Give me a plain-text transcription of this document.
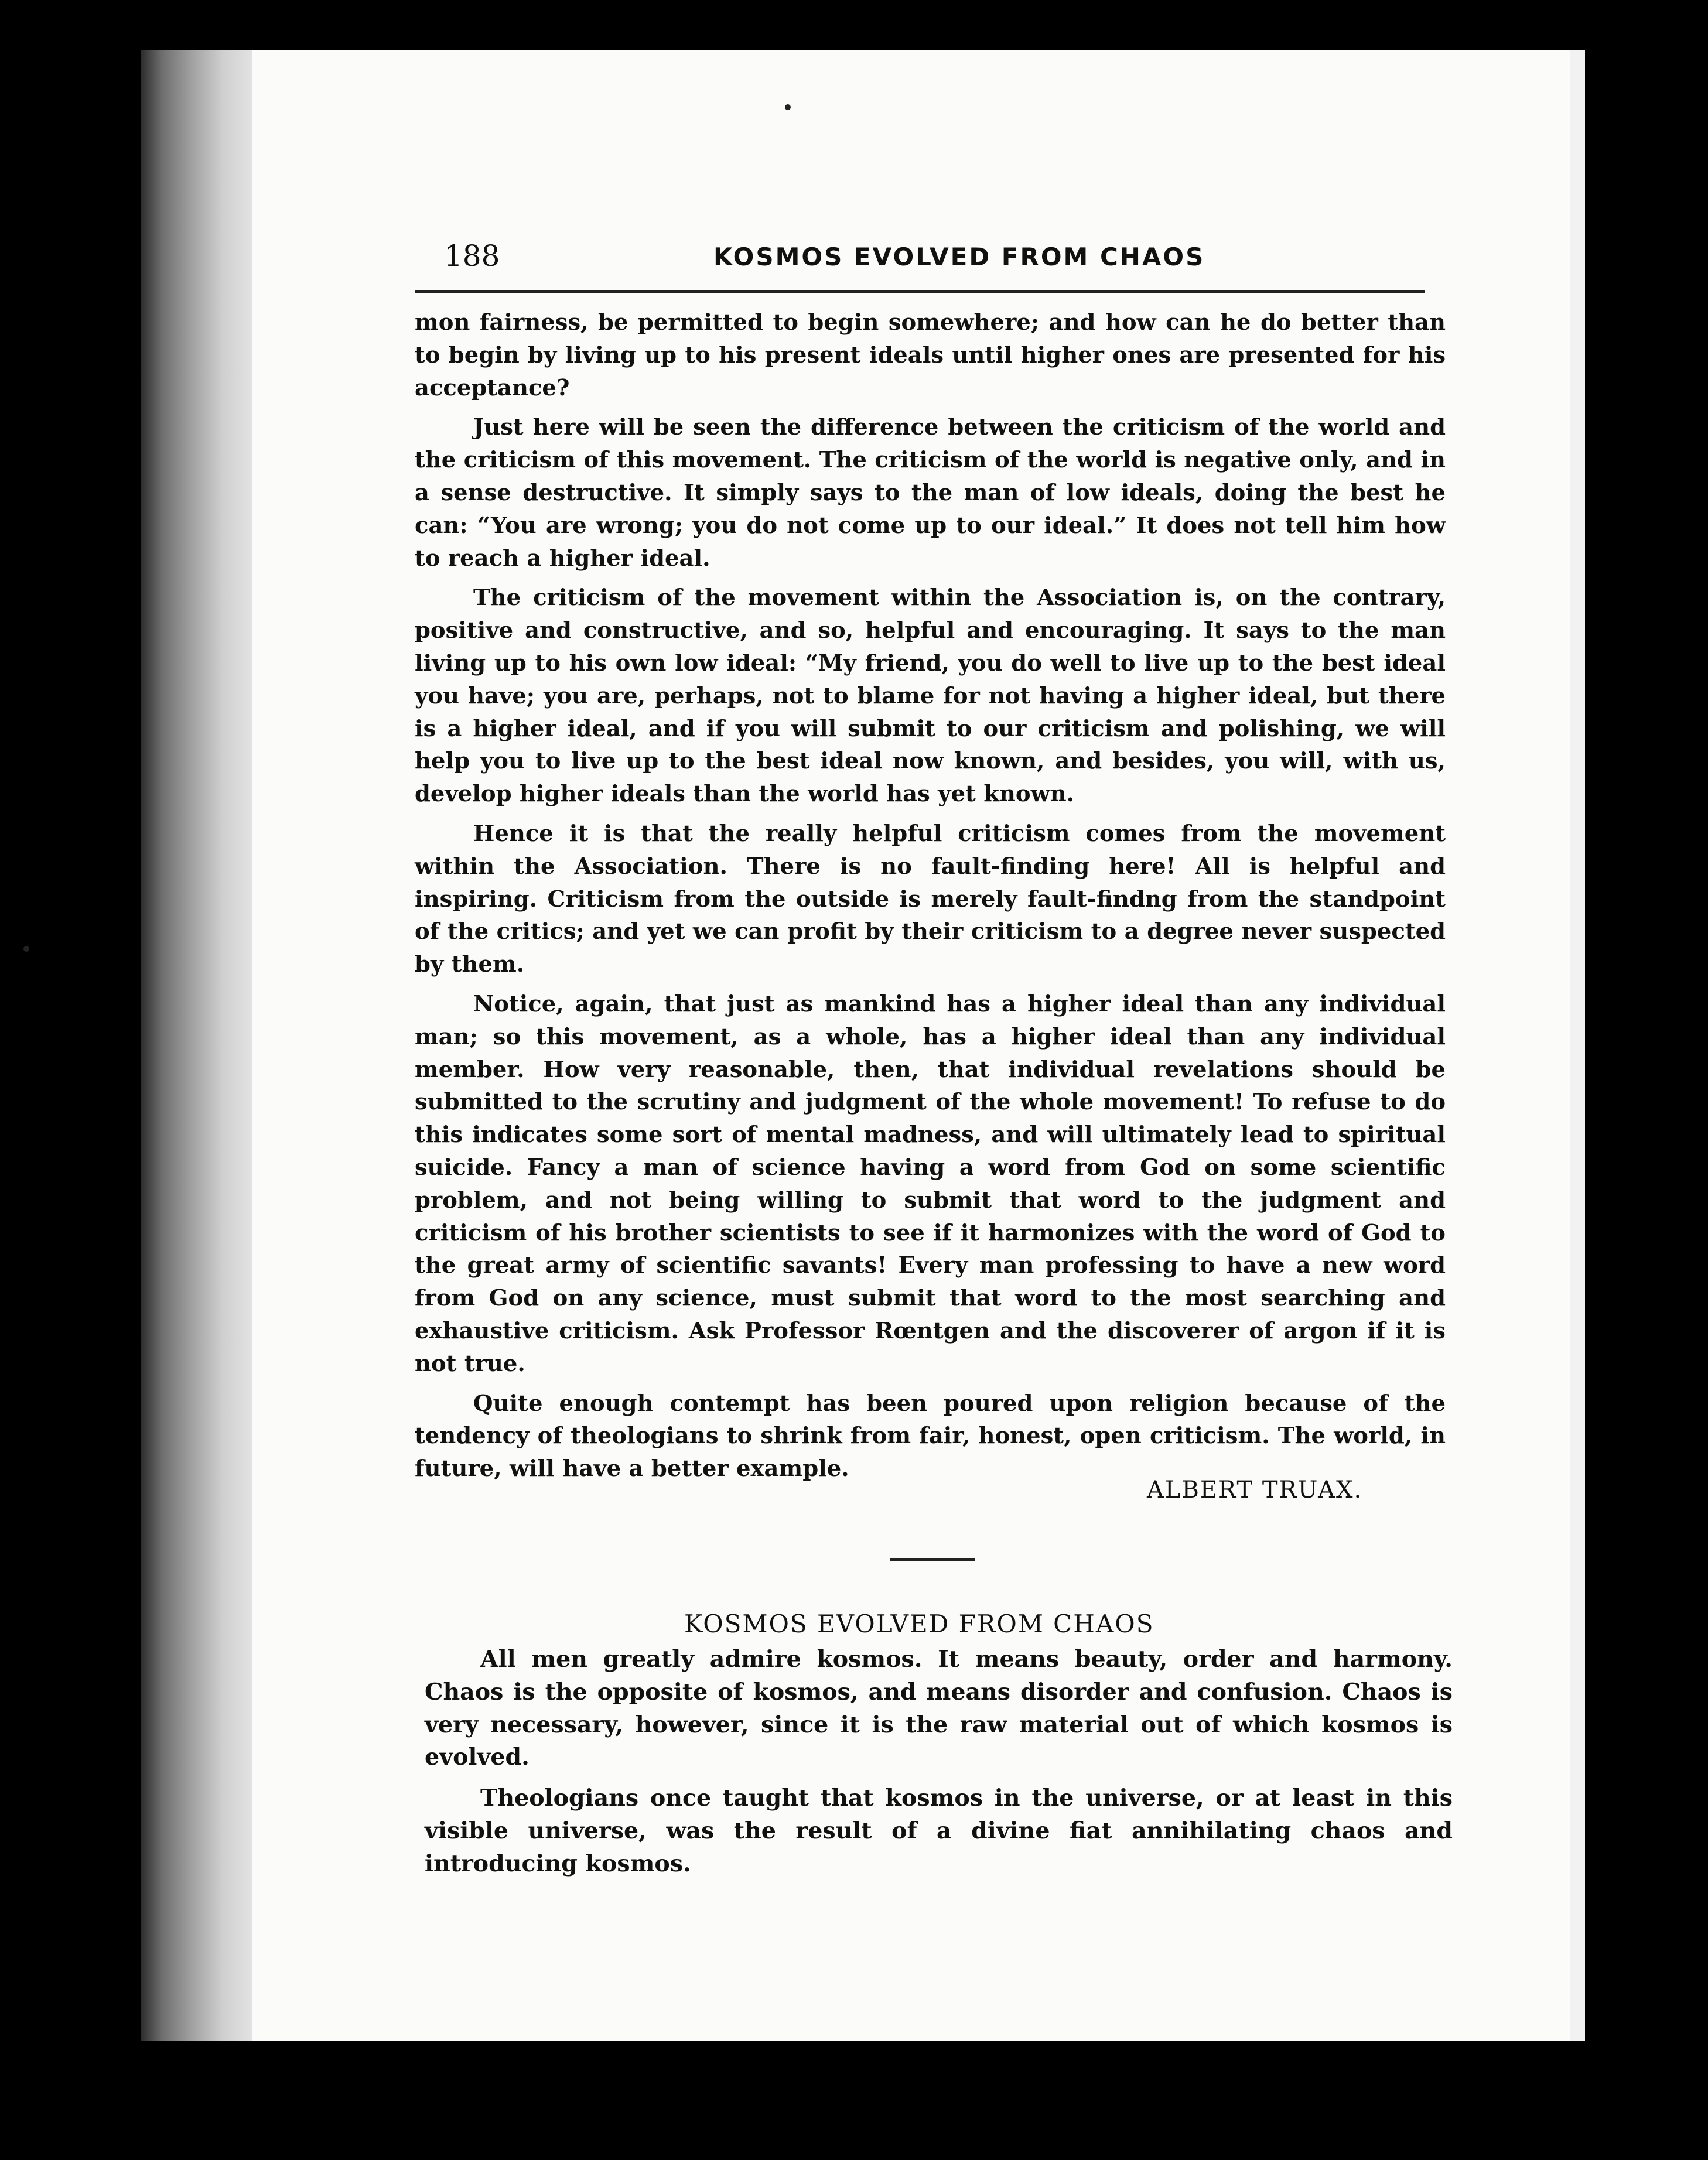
188	KOSMOS EVOLVED FROM CHAOS

mon fairness, be permitted to begin somewhere; and how can he do better than to begin by living up to his present ideals until higher ones are presented for his acceptance?

Just here will be seen the difference between the criticism of the world and the criticism of this movement. The criticism of the world is negative only, and in a sense destructive. It simply says to the man of low ideals, doing the best he can: “You are wrong; you do not come up to our ideal.” It does not tell him how to reach a higher ideal.

The criticism of the movement within the Association is, on the contrary, positive and constructive, and so, helpful and encouraging. It says to the man living up to his own low ideal: “My friend, you do well to live up to the best ideal you have; you are, perhaps, not to blame for not having a higher ideal, but there is a higher ideal, and if you will submit to our criticism and polishing, we will help you to live up to the best ideal now known, and besides, you will, with us, develop higher ideals than the world has yet known.

Hence it is that the really helpful criticism comes from the movement within the Association. There is no fault-finding here! All is helpful and inspiring. Criticism from the outside is merely fault-findng from the standpoint of the critics; and yet we can profit by their criticism to a degree never suspected by them.

Notice, again, that just as mankind has a higher ideal than any individual man; so this movement, as a whole, has a higher ideal than any individual member. How very reasonable, then, that individual revelations should be submitted to the scrutiny and judgment of the whole movement! To refuse to do this indicates some sort of mental madness, and will ultimately lead to spiritual suicide. Fancy a man of science having a word from God on some scientific problem, and not being willing to submit that word to the judgment and criticism of his brother scientists to see if it harmonizes with the word of God to the great army of scientific savants! Every man professing to have a new word from God on any science, must submit that word to the most searching and exhaustive criticism. Ask Professor Rœntgen and the discoverer of argon if it is not true.

Quite enough contempt has been poured upon religion because of the tendency of theologians to shrink from fair, honest, open criticism. The world, in future, will have a better example.

ALBERT TRUAX.
KOSMOS EVOLVED FROM CHAOS

All men greatly admire kosmos. It means beauty, order and harmony. Chaos is the opposite of kosmos, and means disorder and confusion. Chaos is very necessary, however, since it is the raw material out of which kosmos is evolved.

Theologians once taught that kosmos in the universe, or at least in this visible universe, was the result of a divine fiat annihilating chaos and introducing kosmos.
